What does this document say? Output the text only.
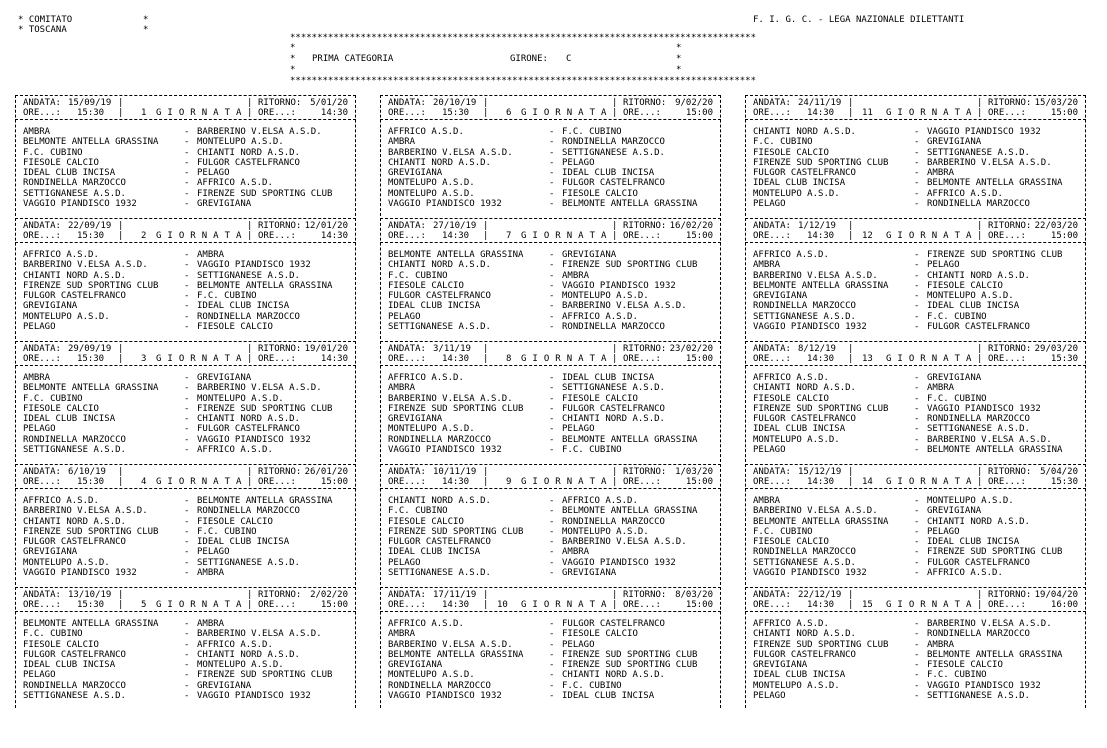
* COMITATO	*
* TOSCANA	*
F. I. G. C. - LEGA NAZIONALE DILETTANTI
**************************************************************************************
*	*
*	*
*	*
PRIMA CATEGORIA	GIRONE: C
**************************************************************************************
ANDATA: 15/09/19 |	| RITORNO: 5/01/20
ORE...: 15:30 | 1 G I O R N A T A | ORE...:	14:30
AMBRA	- BARBERINO V.ELSA A.S.D.
BELMONTE ANTELLA GRASSINA	- MONTELUPO A.S.D.
F.C. CUBINO	- CHIANTI NORD A.S.D.
FIESOLE CALCIO	- FULGOR CASTELFRANCO
IDEAL CLUB INCISA	- PELAGO
RONDINELLA MARZOCCO	- AFFRICO A.S.D.
SETTIGNANESE A.S.D.	- FIRENZE SUD SPORTING CLUB
VAGGIO PIANDISCO 1932	- GREVIGIANA
ANDATA: 22/09/19 |	| RITORNO: 12/01/20
ORE...: 15:30 | 2 G I O R N A T A | ORE...:	14:30
AFFRICO A.S.D.	- AMBRA
BARBERINO V.ELSA A.S.D.	- VAGGIO PIANDISCO 1932
CHIANTI NORD A.S.D.	- SETTIGNANESE A.S.D.
FIRENZE SUD SPORTING CLUB	- BELMONTE ANTELLA GRASSINA
FULGOR CASTELFRANCO	- F.C. CUBINO
GREVIGIANA	- IDEAL CLUB INCISA
MONTELUPO A.S.D.	- RONDINELLA MARZOCCO
PELAGO	- FIESOLE CALCIO
ANDATA: 29/09/19 |	| RITORNO: 19/01/20
ORE...: 15:30 | 3 G I O R N A T A | ORE...:	14:30
AMBRA	- GREVIGIANA
BELMONTE ANTELLA GRASSINA	- BARBERINO V.ELSA A.S.D.
F.C. CUBINO	- MONTELUPO A.S.D.
FIESOLE CALCIO	- FIRENZE SUD SPORTING CLUB
IDEAL CLUB INCISA	- CHIANTI NORD A.S.D.
PELAGO	- FULGOR CASTELFRANCO
RONDINELLA MARZOCCO	- VAGGIO PIANDISCO 1932
SETTIGNANESE A.S.D.	- AFFRICO A.S.D.
ANDATA: 6/10/19 |	| RITORNO: 26/01/20
ORE...: 15:30 | 4 G I O R N A T A | ORE...:	15:00
AFFRICO A.S.D.	- BELMONTE ANTELLA GRASSINA
BARBERINO V.ELSA A.S.D.	- RONDINELLA MARZOCCO
CHIANTI NORD A.S.D.	- FIESOLE CALCIO
FIRENZE SUD SPORTING CLUB	- F.C. CUBINO
FULGOR CASTELFRANCO	- IDEAL CLUB INCISA
GREVIGIANA	- PELAGO
MONTELUPO A.S.D.	- SETTIGNANESE A.S.D.
VAGGIO PIANDISCO 1932	- AMBRA
ANDATA: 13/10/19 |	| RITORNO: 2/02/20
ORE...: 15:30 | 5 G I O R N A T A | ORE...:	15:00
BELMONTE ANTELLA GRASSINA	- AMBRA
F.C. CUBINO	- BARBERINO V.ELSA A.S.D.
FIESOLE CALCIO	- AFFRICO A.S.D.
FULGOR CASTELFRANCO	- CHIANTI NORD A.S.D.
IDEAL CLUB INCISA	- MONTELUPO A.S.D.
PELAGO	- FIRENZE SUD SPORTING CLUB
RONDINELLA MARZOCCO	- GREVIGIANA
SETTIGNANESE A.S.D.	- VAGGIO PIANDISCO 1932
ANDATA: 20/10/19 |	| RITORNO: 9/02/20
ORE...: 15:30 | 6 G I O R N A T A | ORE...:	15:00
AFFRICO A.S.D.	- F.C. CUBINO
AMBRA	- RONDINELLA MARZOCCO
BARBERINO V.ELSA A.S.D.	- SETTIGNANESE A.S.D.
CHIANTI NORD A.S.D.	- PELAGO
GREVIGIANA	- IDEAL CLUB INCISA
MONTELUPO A.S.D.	- FULGOR CASTELFRANCO
MONTELUPO A.S.D.	- FIESOLE CALCIO
VAGGIO PIANDISCO 1932	- BELMONTE ANTELLA GRASSINA
ANDATA: 27/10/19 |	| RITORNO: 16/02/20
ORE...: 14:30 | 7 G I O R N A T A | ORE...:	15:00
BELMONTE ANTELLA GRASSINA	- GREVIGIANA
CHIANTI NORD A.S.D.	- FIRENZE SUD SPORTING CLUB
F.C. CUBINO	- AMBRA
FIESOLE CALCIO	- VAGGIO PIANDISCO 1932
FULGOR CASTELFRANCO	- MONTELUPO A.S.D.
IDEAL CLUB INCISA	- BARBERINO V.ELSA A.S.D.
PELAGO	- AFFRICO A.S.D.
SETTIGNANESE A.S.D.	- RONDINELLA MARZOCCO
ANDATA: 3/11/19 |	| RITORNO: 23/02/20
ORE...: 14:30 | 8 G I O R N A T A | ORE...:	15:00
AFFRICO A.S.D.	- IDEAL CLUB INCISA
AMBRA	- SETTIGNANESE A.S.D.
BARBERINO V.ELSA A.S.D.	- FIESOLE CALCIO
FIRENZE SUD SPORTING CLUB	- FULGOR CASTELFRANCO
GREVIGIANA	- CHIANTI NORD A.S.D.
MONTELUPO A.S.D.	- PELAGO
RONDINELLA MARZOCCO	- BELMONTE ANTELLA GRASSINA
VAGGIO PIANDISCO 1932	- F.C. CUBINO
ANDATA: 10/11/19 |	| RITORNO: 1/03/20
ORE...: 14:30 | 9 G I O R N A T A | ORE...:	15:00
CHIANTI NORD A.S.D.	- AFFRICO A.S.D.
F.C. CUBINO	- BELMONTE ANTELLA GRASSINA
FIESOLE CALCIO	- RONDINELLA MARZOCCO
FIRENZE SUD SPORTING CLUB	- MONTELUPO A.S.D.
FULGOR CASTELFRANCO	- BARBERINO V.ELSA A.S.D.
IDEAL CLUB INCISA	- AMBRA
PELAGO	- VAGGIO PIANDISCO 1932
SETTIGNANESE A.S.D.	- GREVIGIANA
ANDATA: 17/11/19 |	| RITORNO: 8/03/20
ORE...: 14:30 | 10 G I O R N A T A | ORE...:	15:00
AFFRICO A.S.D.	- FULGOR CASTELFRANCO
AMBRA	- FIESOLE CALCIO
BARBERINO V.ELSA A.S.D.	- PELAGO
BELMONTE ANTELLA GRASSINA	- FIRENZE SUD SPORTING CLUB
GREVIGIANA	- FIRENZE SUD SPORTING CLUB
MONTELUPO A.S.D.	- CHIANTI NORD A.S.D.
RONDINELLA MARZOCCO	- F.C. CUBINO
VAGGIO PIANDISCO 1932	- IDEAL CLUB INCISA
ANDATA: 24/11/19 |	| RITORNO: 15/03/20
ORE...: 14:30 | 11 G I O R N A T A | ORE...:	15:00
CHIANTI NORD A.S.D.	- VAGGIO PIANDISCO 1932
F.C. CUBINO	- GREVIGIANA
FIESOLE CALCIO	- SETTIGNANESE A.S.D.
FIRENZE SUD SPORTING CLUB	- BARBERINO V.ELSA A.S.D.
FULGOR CASTELFRANCO	- AMBRA
IDEAL CLUB INCISA	- BELMONTE ANTELLA GRASSINA
MONTELUPO A.S.D.	- AFFRICO A.S.D.
PELAGO	- RONDINELLA MARZOCCO
ANDATA: 1/12/19 |	| RITORNO: 22/03/20
ORE...: 14:30 | 12 G I O R N A T A | ORE...:	15:00
AFFRICO A.S.D.	- FIRENZE SUD SPORTING CLUB
AMBRA	- PELAGO
BARBERINO V.ELSA A.S.D.	- CHIANTI NORD A.S.D.
BELMONTE ANTELLA GRASSINA	- FIESOLE CALCIO
GREVIGIANA	- MONTELUPO A.S.D.
RONDINELLA MARZOCCO	- IDEAL CLUB INCISA
SETTIGNANESE A.S.D.	- F.C. CUBINO
VAGGIO PIANDISCO 1932	- FULGOR CASTELFRANCO
ANDATA: 8/12/19 |	| RITORNO: 29/03/20
ORE...: 14:30 | 13 G I O R N A T A | ORE...:	15:30
AFFRICO A.S.D.	- GREVIGIANA
CHIANTI NORD A.S.D.	- AMBRA
FIESOLE CALCIO	- F.C. CUBINO
FIRENZE SUD SPORTING CLUB	- VAGGIO PIANDISCO 1932
FULGOR CASTELFRANCO	- RONDINELLA MARZOCCO
IDEAL CLUB INCISA	- SETTIGNANESE A.S.D.
MONTELUPO A.S.D.	- BARBERINO V.ELSA A.S.D.
PELAGO	- BELMONTE ANTELLA GRASSINA
ANDATA: 15/12/19 |	| RITORNO: 5/04/20
ORE...: 14:30 | 14 G I O R N A T A | ORE...:	15:30
AMBRA	- MONTELUPO A.S.D.
BARBERINO V.ELSA A.S.D.	- GREVIGIANA
BELMONTE ANTELLA GRASSINA	- CHIANTI NORD A.S.D.
F.C. CUBINO	- PELAGO
FIESOLE CALCIO	- IDEAL CLUB INCISA
RONDINELLA MARZOCCO	- FIRENZE SUD SPORTING CLUB
SETTIGNANESE A.S.D.	- FULGOR CASTELFRANCO
VAGGIO PIANDISCO 1932	- AFFRICO A.S.D.
ANDATA: 22/12/19 |	| RITORNO: 19/04/20
ORE...: 14:30 | 15 G I O R N A T A | ORE...:	16:00
AFFRICO A.S.D.	- BARBERINO V.ELSA A.S.D.
CHIANTI NORD A.S.D.	- RONDINELLA MARZOCCO
FIRENZE SUD SPORTING CLUB	- AMBRA
FULGOR CASTELFRANCO	- BELMONTE ANTELLA GRASSINA
GREVIGIANA	- FIESOLE CALCIO
IDEAL CLUB INCISA	- F.C. CUBINO
MONTELUPO A.S.D.	- VAGGIO PIANDISCO 1932
PELAGO	- SETTIGNANESE A.S.D.
